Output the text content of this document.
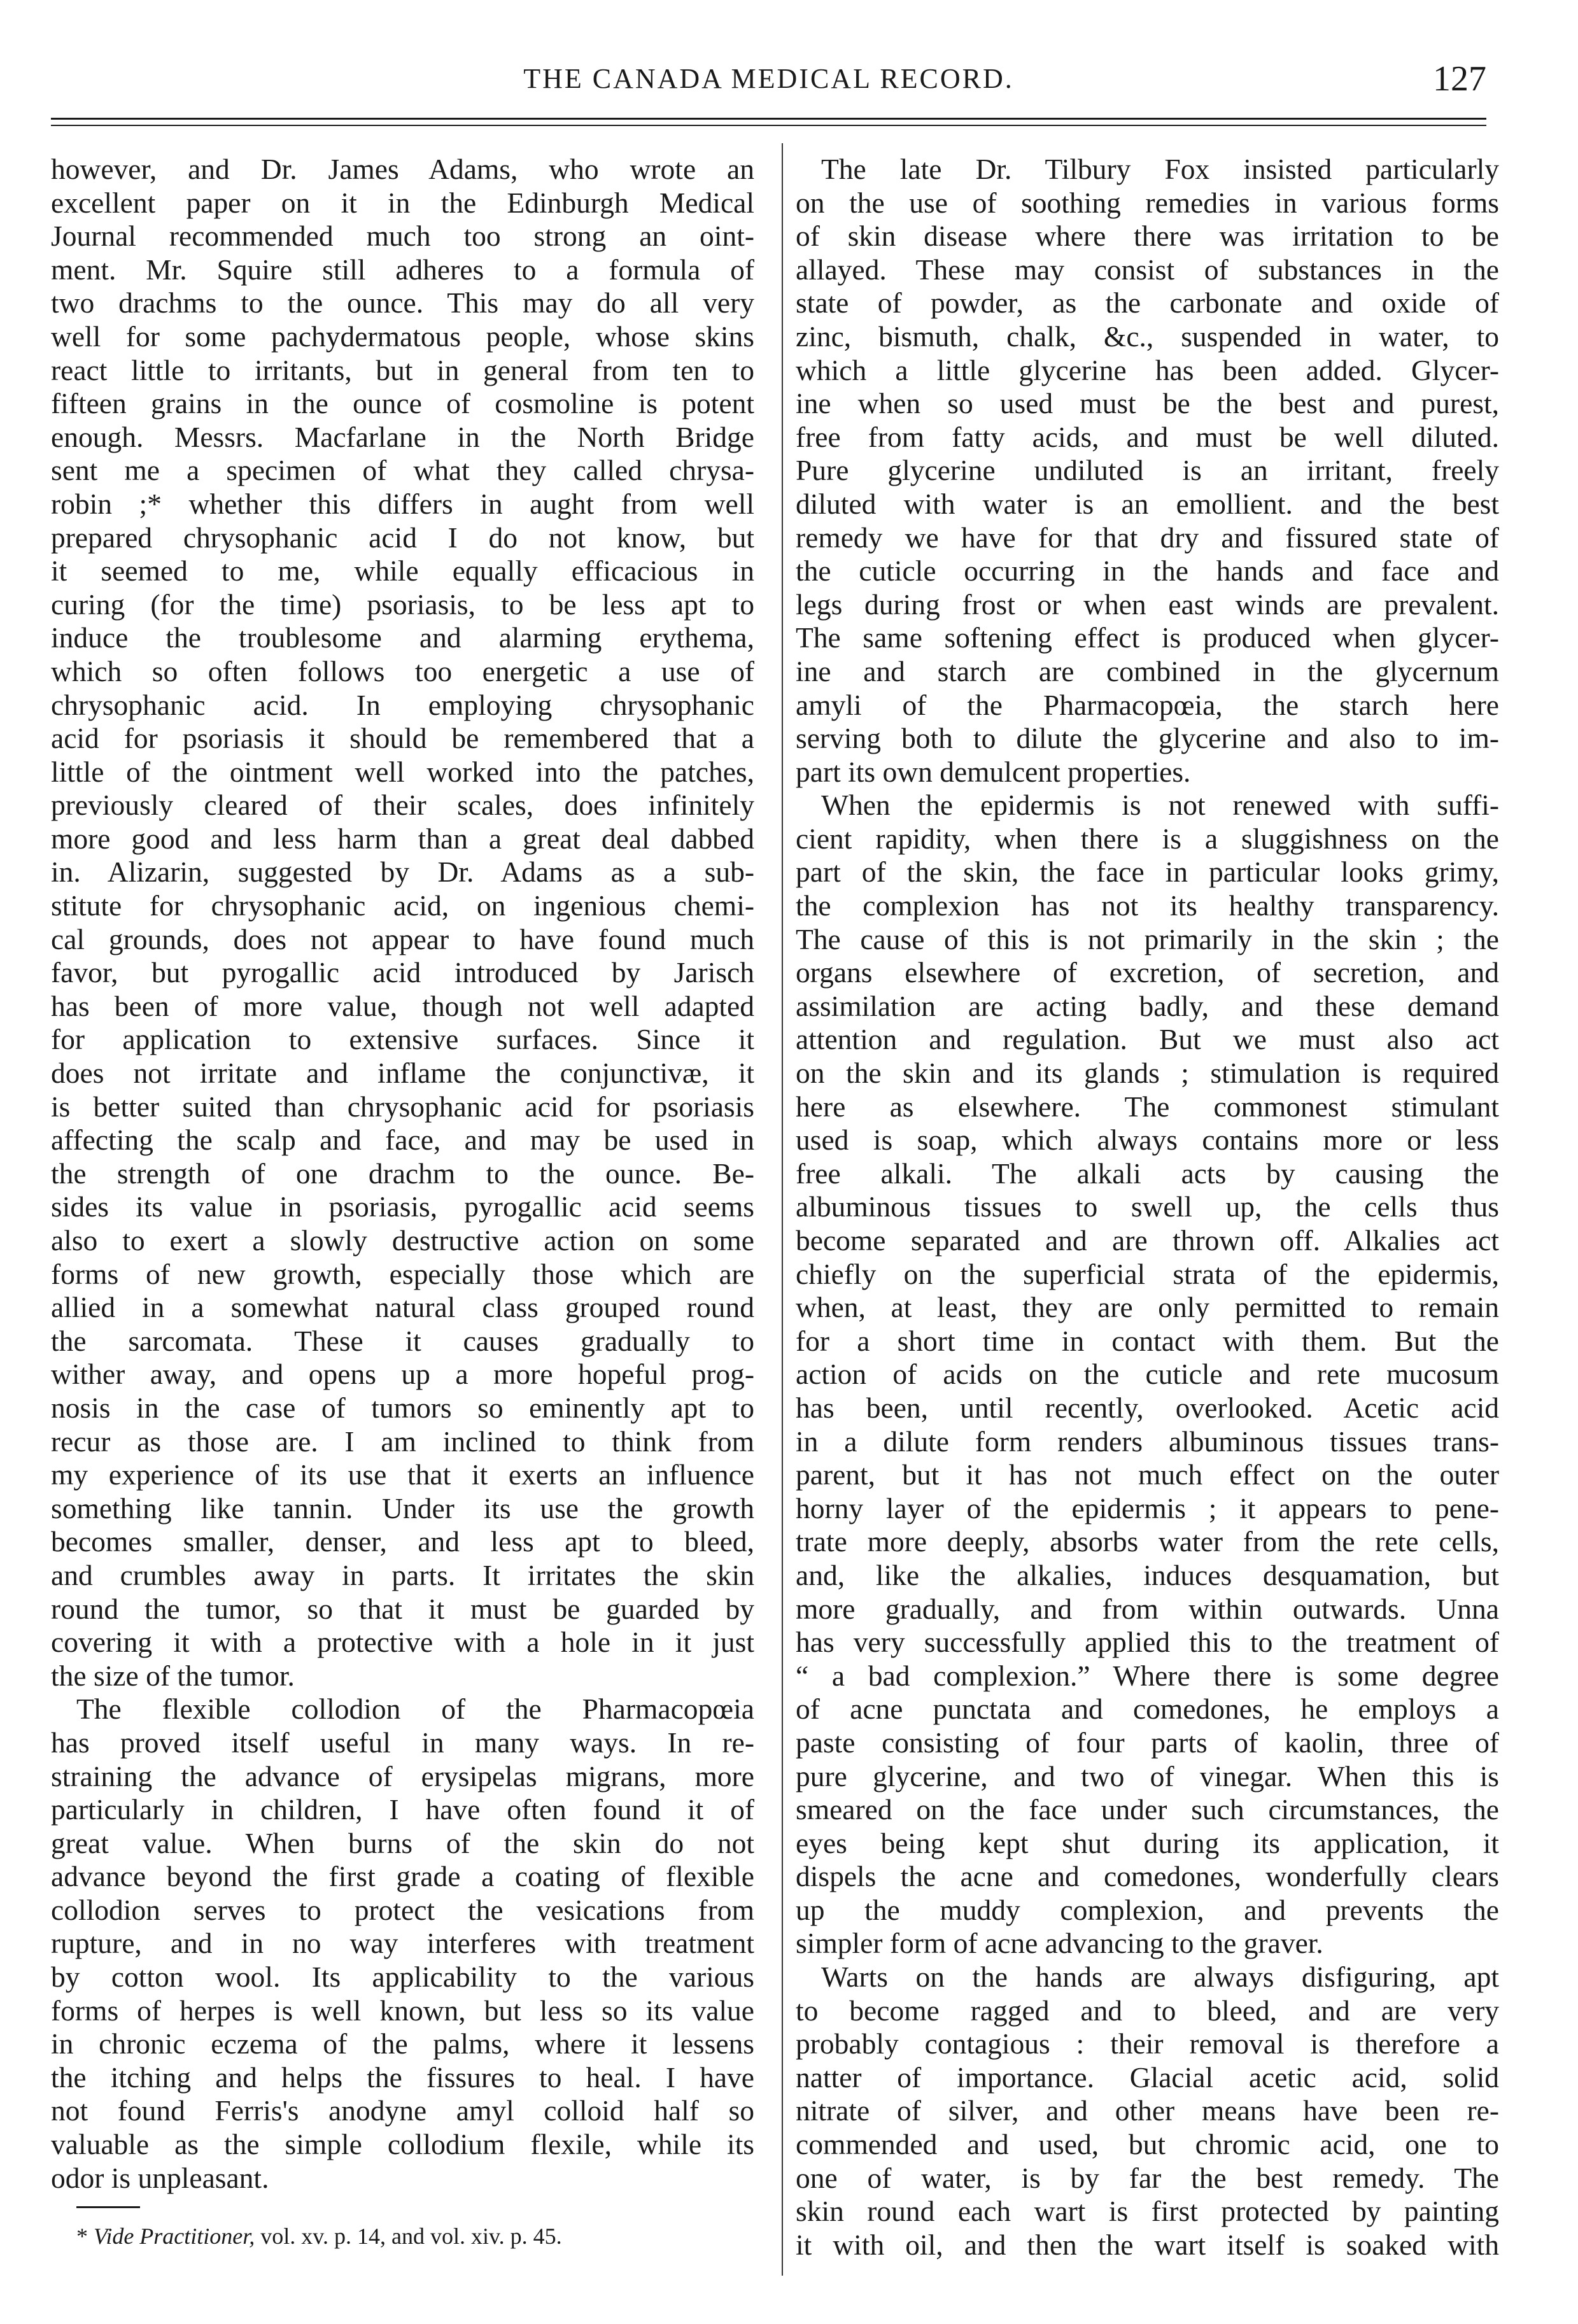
THE CANADA MEDICAL RECORD.	127
however, and Dr. James Adams, who wrote an
excellent paper on it in the Edinburgh Medical
Journal recommended much too strong an oint-
ment. Mr. Squire still adheres to a formula of
two drachms to the ounce. This may do all very
well for some pachydermatous people, whose skins
react little to irritants, but in general from ten to
fifteen grains in the ounce of cosmoline is potent
enough. Messrs. Macfarlane in the North Bridge
sent me a specimen of what they called chrysa-
robin ;* whether this differs in aught from well
prepared chrysophanic acid I do not know, but
it seemed to me, while equally efficacious in
curing (for the time) psoriasis, to be less apt to
induce the troublesome and alarming erythema,
which so often follows too energetic a use of
chrysophanic acid. In employing chrysophanic
acid for psoriasis it should be remembered that a
little of the ointment well worked into the patches,
previously cleared of their scales, does infinitely
more good and less harm than a great deal dabbed
in. Alizarin, suggested by Dr. Adams as a sub-
stitute for chrysophanic acid, on ingenious chemi-
cal grounds, does not appear to have found much
favor, but pyrogallic acid introduced by Jarisch
has been of more value, though not well adapted
for application to extensive surfaces. Since it
does not irritate and inflame the conjunctivæ, it
is better suited than chrysophanic acid for psoriasis
affecting the scalp and face, and may be used in
the strength of one drachm to the ounce. Be-
sides its value in psoriasis, pyrogallic acid seems
also to exert a slowly destructive action on some
forms of new growth, especially those which are
allied in a somewhat natural class grouped round
the sarcomata. These it causes gradually to
wither away, and opens up a more hopeful prog-
nosis in the case of tumors so eminently apt to
recur as those are. I am inclined to think from
my experience of its use that it exerts an influence
something like tannin. Under its use the growth
becomes smaller, denser, and less apt to bleed,
and crumbles away in parts. It irritates the skin
round the tumor, so that it must be guarded by
covering it with a protective with a hole in it just
the size of the tumor.
The flexible collodion of the Pharmacopœia
has proved itself useful in many ways. In re-
straining the advance of erysipelas migrans, more
particularly in children, I have often found it of
great value. When burns of the skin do not
advance beyond the first grade a coating of flexible
collodion serves to protect the vesications from
rupture, and in no way interferes with treatment
by cotton wool. Its applicability to the various
forms of herpes is well known, but less so its value
in chronic eczema of the palms, where it lessens
the itching and helps the fissures to heal. I have
not found Ferris's anodyne amyl colloid half so
valuable as the simple collodium flexile, while its
odor is unpleasant.
* Vide Practitioner, vol. xv. p. 14, and vol. xiv. p. 45.
The late Dr. Tilbury Fox insisted particularly
on the use of soothing remedies in various forms
of skin disease where there was irritation to be
allayed. These may consist of substances in the
state of powder, as the carbonate and oxide of
zinc, bismuth, chalk, &c., suspended in water, to
which a little glycerine has been added. Glycer-
ine when so used must be the best and purest,
free from fatty acids, and must be well diluted.
Pure glycerine undiluted is an irritant, freely
diluted with water is an emollient. and the best
remedy we have for that dry and fissured state of
the cuticle occurring in the hands and face and
legs during frost or when east winds are prevalent.
The same softening effect is produced when glycer-
ine and starch are combined in the glycernum
amyli of the Pharmacopœia, the starch here
serving both to dilute the glycerine and also to im-
part its own demulcent properties.
When the epidermis is not renewed with suffi-
cient rapidity, when there is a sluggishness on the
part of the skin, the face in particular looks grimy,
the complexion has not its healthy transparency.
The cause of this is not primarily in the skin ; the
organs elsewhere of excretion, of secretion, and
assimilation are acting badly, and these demand
attention and regulation. But we must also act
on the skin and its glands ; stimulation is required
here as elsewhere. The commonest stimulant
used is soap, which always contains more or less
free alkali. The alkali acts by causing the
albuminous tissues to swell up, the cells thus
become separated and are thrown off. Alkalies act
chiefly on the superficial strata of the epidermis,
when, at least, they are only permitted to remain
for a short time in contact with them. But the
action of acids on the cuticle and rete mucosum
has been, until recently, overlooked. Acetic acid
in a dilute form renders albuminous tissues trans-
parent, but it has not much effect on the outer
horny layer of the epidermis ; it appears to pene-
trate more deeply, absorbs water from the rete cells,
and, like the alkalies, induces desquamation, but
more gradually, and from within outwards. Unna
has very successfully applied this to the treatment of
“ a bad complexion.” Where there is some degree
of acne punctata and comedones, he employs a
paste consisting of four parts of kaolin, three of
pure glycerine, and two of vinegar. When this is
smeared on the face under such circumstances, the
eyes being kept shut during its application, it
dispels the acne and comedones, wonderfully clears
up the muddy complexion, and prevents the
simpler form of acne advancing to the graver.
Warts on the hands are always disfiguring, apt
to become ragged and to bleed, and are very
probably contagious : their removal is therefore a
natter of importance. Glacial acetic acid, solid
nitrate of silver, and other means have been re-
commended and used, but chromic acid, one to
one of water, is by far the best remedy. The
skin round each wart is first protected by painting
it with oil, and then the wart itself is soaked with
